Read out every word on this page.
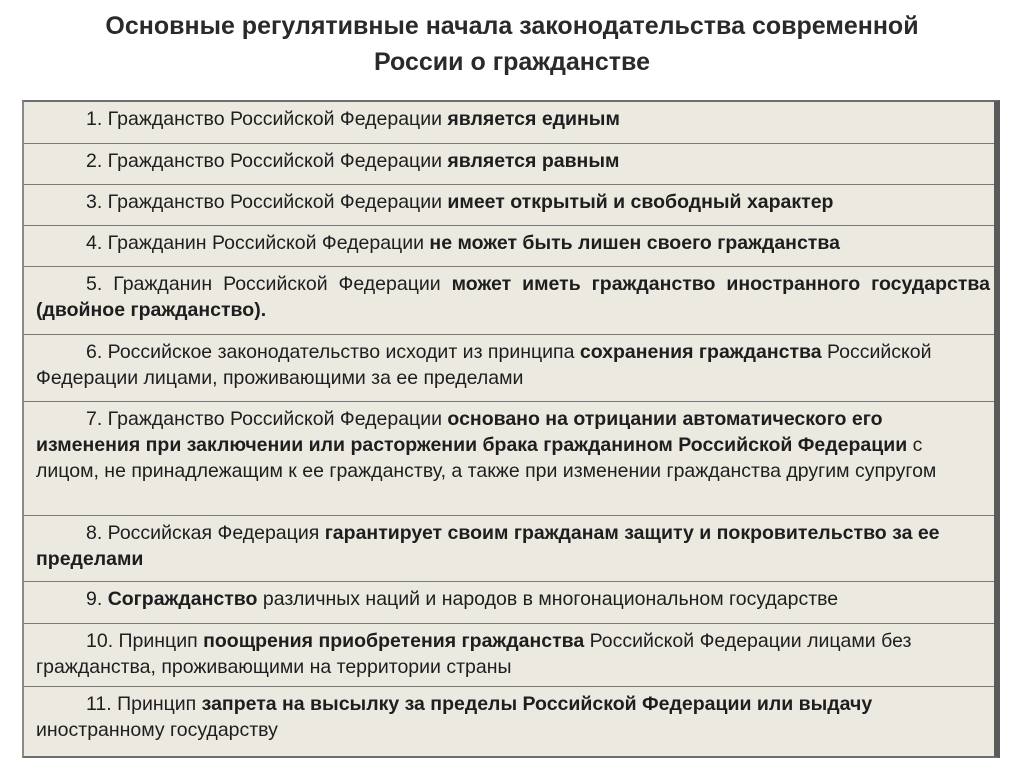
Основные регулятивные начала законодательства современной
России о гражданстве
1. Гражданство Российской Федерации является единым
2. Гражданство Российской Федерации является равным
3. Гражданство Российской Федерации имеет открытый и свободный характер
4. Гражданин Российской Федерации не может быть лишен своего гражданства
5. Гражданин Российской Федерации может иметь гражданство иностранного государства (двойное гражданство).
6. Российское законодательство исходит из принципа сохранения гражданства Российской Федерации лицами, проживающими за ее пределами
7. Гражданство Российской Федерации основано на отрицании автоматического его изменения при заключении или расторжении брака гражданином Российской Федерации с лицом, не принадлежащим к ее гражданству, а также при изменении гражданства другим супругом
8. Российская Федерация гарантирует своим гражданам защиту и покровительство за ее пределами
9. Согражданство различных наций и народов в многонациональном государстве
10. Принцип поощрения приобретения гражданства Российской Федерации лицами без гражданства, проживающими на территории страны
11. Принцип запрета на высылку за пределы Российской Федерации или выдачу иностранному государству
